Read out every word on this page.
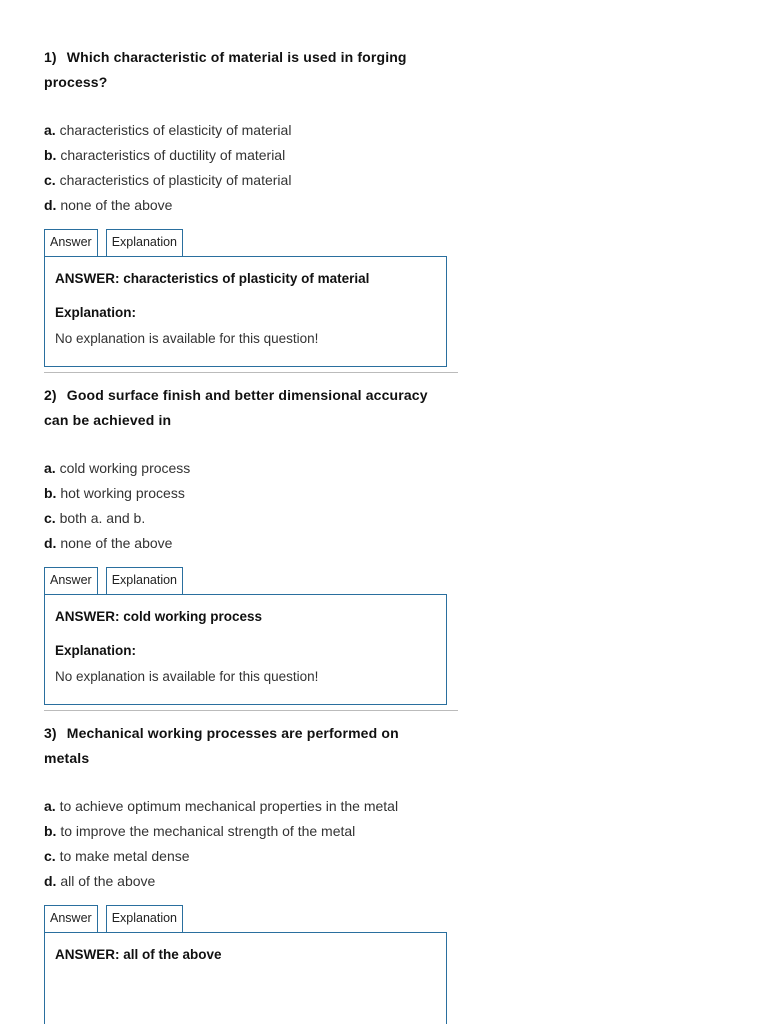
1) Which characteristic of material is used in forging process?

a. characteristics of elasticity of material
b. characteristics of ductility of material
c. characteristics of plasticity of material
d. none of the above
Answer	Explanation
ANSWER: characteristics of plasticity of material
Explanation:
No explanation is available for this question!

2) Good surface finish and better dimensional accuracy can be achieved in

a. cold working process
b. hot working process
c. both a. and b.
d. none of the above
Answer	Explanation
ANSWER: cold working process
Explanation:
No explanation is available for this question!

3) Mechanical working processes are performed on metals

a. to achieve optimum mechanical properties in the metal
b. to improve the mechanical strength of the metal
c. to make metal dense
d. all of the above
Answer	Explanation
ANSWER: all of the above
